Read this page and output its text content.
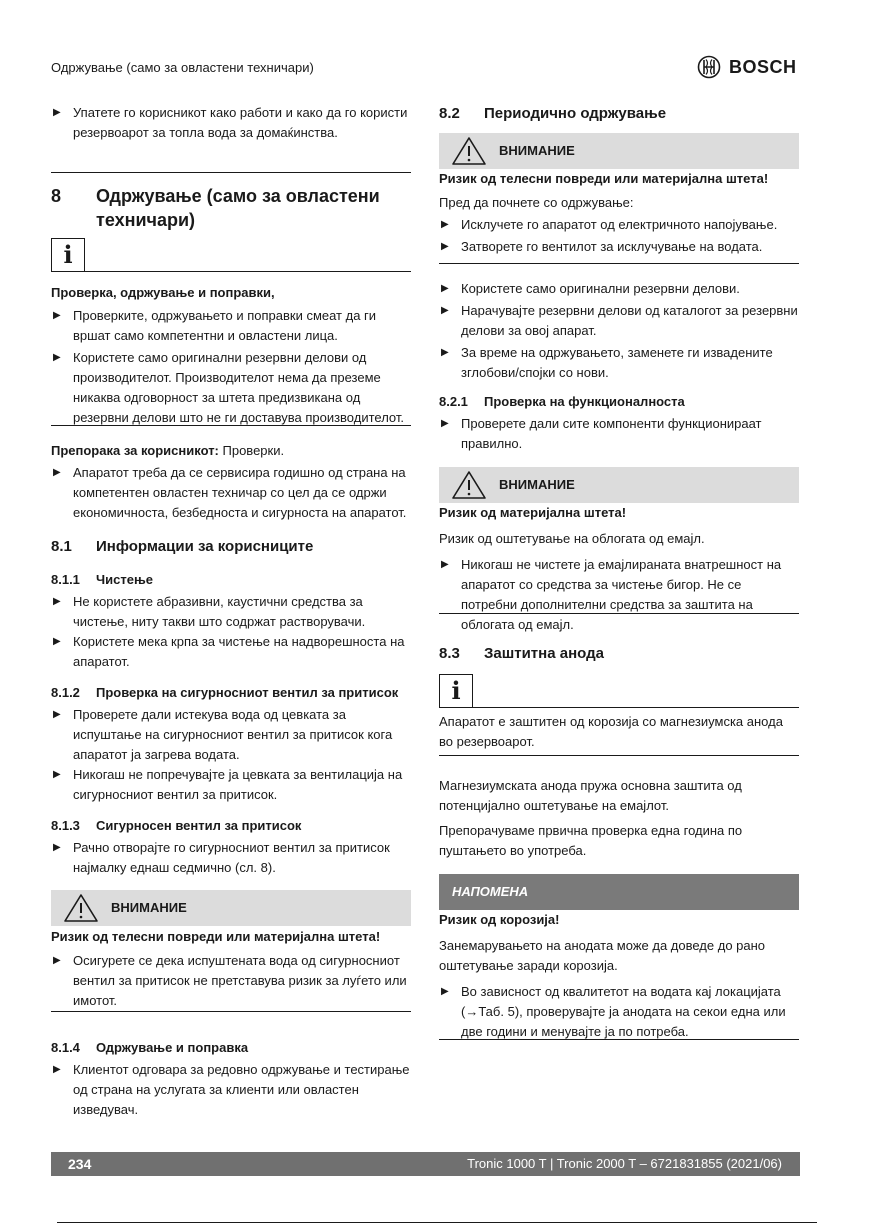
Одржување (само за овластени техничари)	BOSCH
▶ Упатете го корисникот како работи и како да го користи резервоарот за топла вода за домаќинства.
8	Одржување (само за овластени техничари)
i
Проверка, одржување и поправки,
▶ Проверките, одржувањето и поправки смеат да ги вршат само компетентни и овластени лица.
▶ Користете само оригинални резервни делови од производителот. Производителот нема да преземе никаква одговорност за штета предизвикана од резервни делови што не ги доставува производителот.
Препорака за корисникот: Проверки.
▶ Апаратот треба да се сервисира годишно од страна на компетентен овластен техничар со цел да се одржи економичноста, безбедноста и сигурноста на апаратот.
8.1	Информации за корисниците
8.1.1	Чистење
▶ Не користете абразивни, каустични средства за чистење, ниту такви што содржат растворувачи.
▶ Користете мека крпа за чистење на надворешноста на апаратот.
8.1.2	Проверка на сигурносниот вентил за притисок
▶ Проверете дали истекува вода од цевката за испуштање на сигурносниот вентил за притисок кога апаратот ја загрева водата.
▶ Никогаш не попречувајте ја цевката за вентилација на сигурносниот вентил за притисок.
8.1.3	Сигурносен вентил за притисок
▶ Рачно отворајте го сигурносниот вентил за притисок најмалку еднаш седмично (сл. 8).
ВНИМАНИЕ
Ризик од телесни повреди или материјална штета!
▶ Осигурете се дека испуштената вода од сигурносниот вентил за притисок не претставува ризик за луѓето или имотот.
8.1.4	Одржување и поправка
▶ Клиентот одговара за редовно одржување и тестирање од страна на услугата за клиенти или овластен изведувач.
8.2	Периодично одржување
ВНИМАНИЕ
Ризик од телесни повреди или материјална штета!
Пред да почнете со одржување:
▶ Исклучете го апаратот од електричното напојување.
▶ Затворете го вентилот за исклучување на водата.
▶ Користете само оригинални резервни делови.
▶ Нарачувајте резервни делови од каталогот за резервни делови за овој апарат.
▶ За време на одржувањето, заменете ги извадените зглобови/спојки со нови.
8.2.1	Проверка на функционалноста
▶ Проверете дали сите компоненти функционираат правилно.
ВНИМАНИЕ
Ризик од материјална штета!
Ризик од оштетување на облогата од емајл.
▶ Никогаш не чистете ја емајлираната внатрешност на апаратот со средства за чистење бигор. Не се потребни дополнителни средства за заштита на облогата од емајл.
8.3	Заштитна анода
i
Апаратот е заштитен од корозија со магнезиумска анода во резервоарот.
Магнезиумската анода пружа основна заштита од потенцијално оштетување на емајлот.
Препорачуваме првична проверка една година по пуштањето во употреба.
НАПОМЕНА
Ризик од корозија!
Занемарувањето на анодата може да доведе до рано оштетување заради корозија.
▶ Во зависност од квалитетот на водата кај локацијата (→Таб. 5), проверувајте ја анодата на секои една или две години и менувајте ја по потреба.
234	Tronic 1000 T | Tronic 2000 T – 6721831855 (2021/06)
